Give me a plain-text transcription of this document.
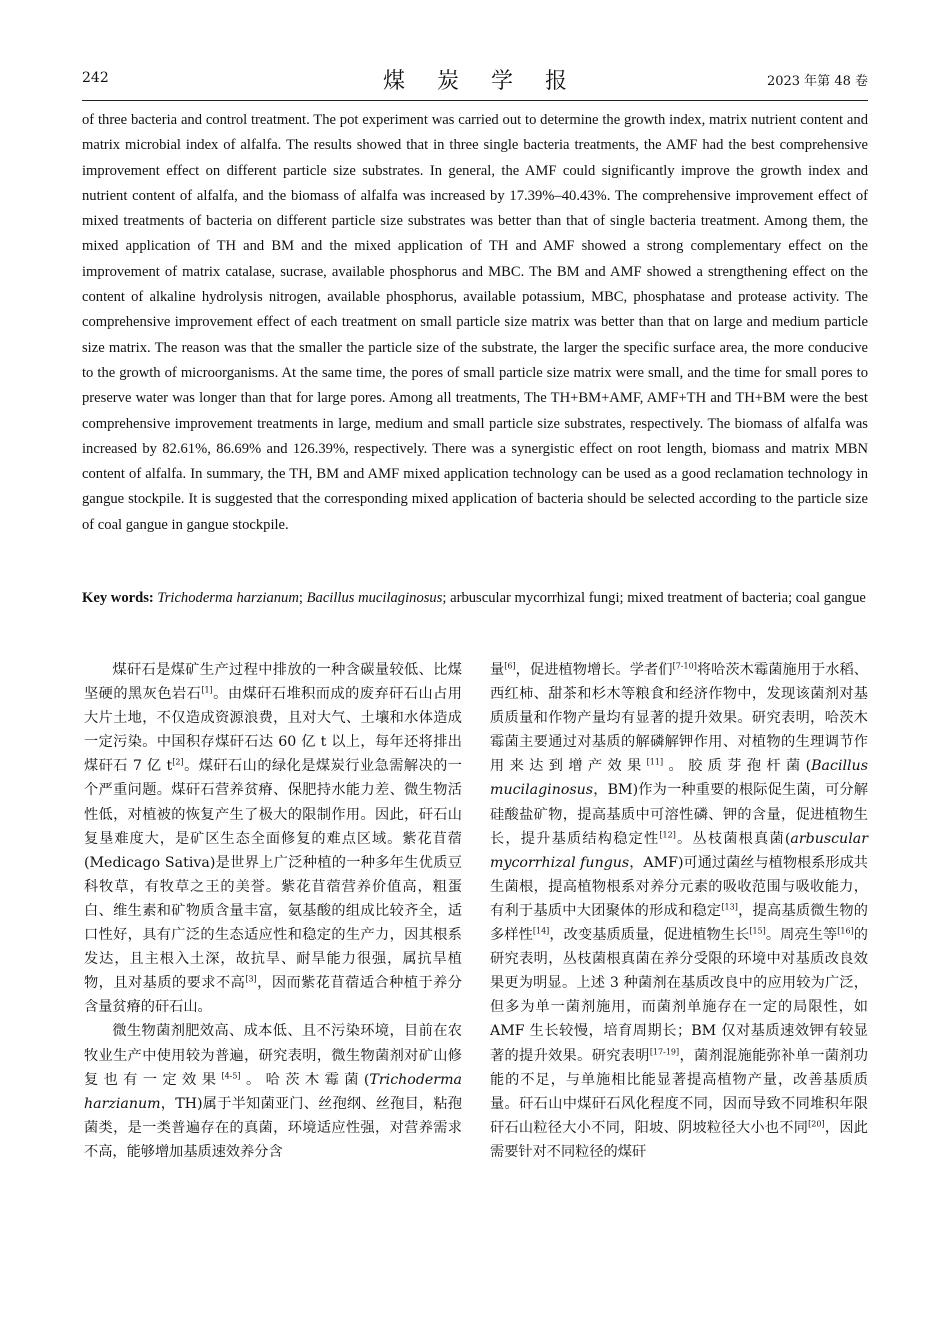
242	煤炭学报	2023 年第 48 卷

of three bacteria and control treatment. The pot experiment was carried out to determine the growth index, matrix nutrient content and matrix microbial index of alfalfa. The results showed that in three single bacteria treatments, the AMF had the best comprehensive improvement effect on different particle size substrates. In general, the AMF could significantly improve the growth index and nutrient content of alfalfa, and the biomass of alfalfa was increased by 17.39%–40.43%. The comprehensive improvement effect of mixed treatments of bacteria on different particle size substrates was better than that of single bacteria treatment. Among them, the mixed application of TH and BM and the mixed application of TH and AMF showed a strong complementary effect on the improvement of matrix catalase, sucrase, available phosphorus and MBC. The BM and AMF showed a strengthening effect on the content of alkaline hydrolysis nitrogen, available phosphorus, available potassium, MBC, phosphatase and protease activity. The comprehensive improvement effect of each treatment on small particle size matrix was better than that on large and medium particle size matrix. The reason was that the smaller the particle size of the substrate, the larger the specific surface area, the more conducive to the growth of microorganisms. At the same time, the pores of small particle size matrix were small, and the time for small pores to preserve water was longer than that for large pores. Among all treatments, The TH+BM+AMF, AMF+TH and TH+BM were the best comprehensive improvement treatments in large, medium and small particle size substrates, respectively. The biomass of alfalfa was increased by 82.61%, 86.69% and 126.39%, respectively. There was a synergistic effect on root length, biomass and matrix MBN content of alfalfa. In summary, the TH, BM and AMF mixed application technology can be used as a good reclamation technology in gangue stockpile. It is suggested that the corresponding mixed application of bacteria should be selected according to the particle size of coal gangue in gangue stockpile.

Key words: Trichoderma harzianum; Bacillus mucilaginosus; arbuscular mycorrhizal fungi; mixed treatment of bacteria; coal gangue

煤矸石是煤矿生产过程中排放的一种含碳量较低、比煤坚硬的黑灰色岩石[1]。由煤矸石堆积而成的废弃矸石山占用大片土地，不仅造成资源浪费，且对大气、土壤和水体造成一定污染。中国积存煤矸石达 60 亿 t 以上，每年还将排出煤矸石 7 亿 t[2]。煤矸石山的绿化是煤炭行业急需解决的一个严重问题。煤矸石营养贫瘠、保肥持水能力差、微生物活性低，对植被的恢复产生了极大的限制作用。因此，矸石山复垦难度大，是矿区生态全面修复的难点区域。紫花苜蓿(Medicago Sativa)是世界上广泛种植的一种多年生优质豆科牧草，有牧草之王的美誉。紫花苜蓿营养价值高，粗蛋白、维生素和矿物质含量丰富，氨基酸的组成比较齐全，适口性好，具有广泛的生态适应性和稳定的生产力，因其根系发达，且主根入土深，故抗旱、耐旱能力很强，属抗旱植物，且对基质的要求不高[3]，因而紫花苜蓿适合种植于养分含量贫瘠的矸石山。

微生物菌剂肥效高、成本低、且不污染环境，目前在农牧业生产中使用较为普遍，研究表明，微生物菌剂对矿山修复也有一定效果[4-5]。哈茨木霉菌(Trichoderma harzianum，TH)属于半知菌亚门、丝孢纲、丝孢目，粘孢菌类，是一类普遍存在的真菌，环境适应性强，对营养需求不高，能够增加基质速效养分含

量[6]，促进植物增长。学者们[7-10]将哈茨木霉菌施用于水稻、西红柿、甜茶和杉木等粮食和经济作物中，发现该菌剂对基质质量和作物产量均有显著的提升效果。研究表明，哈茨木霉菌主要通过对基质的解磷解钾作用、对植物的生理调节作用来达到增产效果[11]。胶质芽孢杆菌(Bacillus mucilaginosus，BM)作为一种重要的根际促生菌，可分解硅酸盐矿物，提高基质中可溶性磷、钾的含量，促进植物生长，提升基质结构稳定性[12]。丛枝菌根真菌(arbuscular mycorrhizal fungus，AMF)可通过菌丝与植物根系形成共生菌根，提高植物根系对养分元素的吸收范围与吸收能力，有利于基质中大团聚体的形成和稳定[13]，提高基质微生物的多样性[14]，改变基质质量，促进植物生长[15]。周亮生等[16]的研究表明，丛枝菌根真菌在养分受限的环境中对基质改良效果更为明显。上述 3 种菌剂在基质改良中的应用较为广泛，但多为单一菌剂施用，而菌剂单施存在一定的局限性，如 AMF 生长较慢，培育周期长；BM 仅对基质速效钾有较显著的提升效果。研究表明[17-19]，菌剂混施能弥补单一菌剂功能的不足，与单施相比能显著提高植物产量，改善基质质量。矸石山中煤矸石风化程度不同，因而导致不同堆积年限矸石山粒径大小不同，阳坡、阴坡粒径大小也不同[20]，因此需要针对不同粒径的煤矸
